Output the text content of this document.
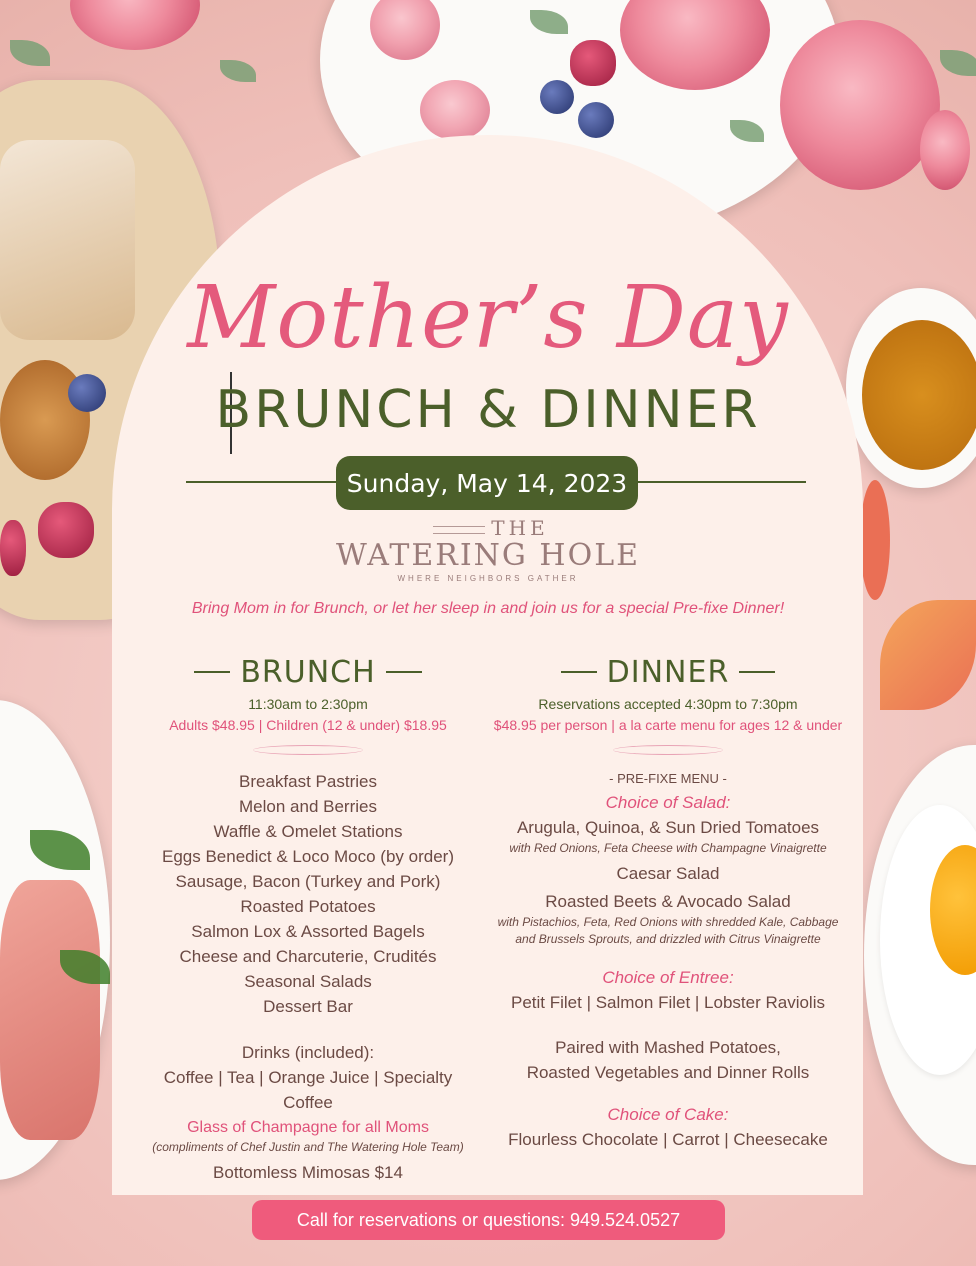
Mother’s Day
BRUNCH & DINNER
Sunday, May 14, 2023
THE
WATERING HOLE
WHERE NEIGHBORS GATHER
Bring Mom in for Brunch, or let her sleep in and join us for a special Pre-fixe Dinner!
BRUNCH
11:30am to 2:30pm
Adults $48.95 | Children (12 & under) $18.95
Breakfast Pastries
Melon and Berries
Waffle & Omelet Stations
Eggs Benedict & Loco Moco (by order)
Sausage, Bacon (Turkey and Pork)
Roasted Potatoes
Salmon Lox & Assorted Bagels
Cheese and Charcuterie, Crudités
Seasonal Salads
Dessert Bar
Drinks (included):
Coffee | Tea | Orange Juice | Specialty Coffee
Glass of Champagne for all Moms
(compliments of Chef Justin and The Watering Hole Team)
Bottomless Mimosas $14
DINNER
Reservations accepted 4:30pm to 7:30pm
$48.95 per person | a la carte menu for ages 12 & under
- PRE-FIXE MENU -
Choice of Salad:
Arugula, Quinoa, & Sun Dried Tomatoes
with Red Onions, Feta Cheese with Champagne Vinaigrette
Caesar Salad
Roasted Beets & Avocado Salad
with Pistachios, Feta, Red Onions with shredded Kale, Cabbage
and Brussels Sprouts, and drizzled with Citrus Vinaigrette
Choice of Entree:
Petit Filet | Salmon Filet | Lobster Raviolis
Paired with Mashed Potatoes,
Roasted Vegetables and Dinner Rolls
Choice of Cake:
Flourless Chocolate | Carrot | Cheesecake
Call for reservations or questions: 949.524.0527
